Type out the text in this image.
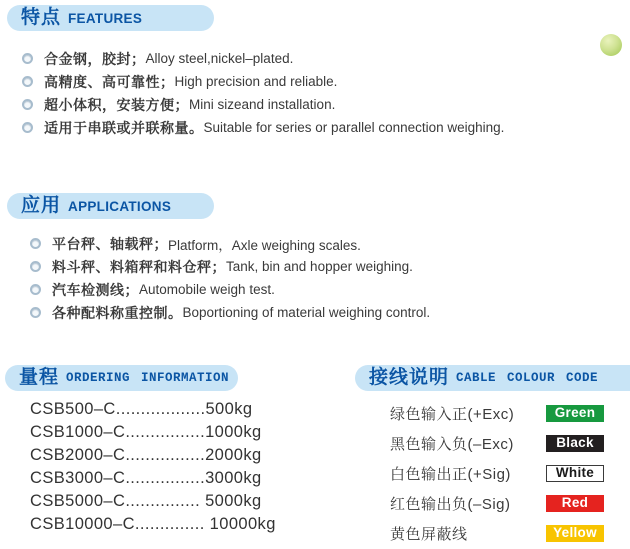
特点 FEATURES
合金钢，胶封； Alloy steel,nickel–plated.
高精度、高可靠性； High precision and reliable.
超小体积，安装方便； Mini sizeand installation.
适用于串联或并联称量。 Suitable for series or parallel connection weighing.
应用 APPLICATIONS
平台秤、轴载秤； Platform，Axle weighing scales.
料斗秤、料箱秤和料仓秤； Tank, bin and hopper weighing.
汽车检测线； Automobile weigh test.
各种配料称重控制。 Boportioning of material weighing control.
量程 ORDERING INFORMATION
CSB500–C..................500kg
CSB1000–C................1000kg
CSB2000–C................2000kg
CSB3000–C................3000kg
CSB5000–C............... 5000kg
CSB10000–C.............. 10000kg
接线说明 CABLE COLOUR CODE
绿色输入正(+Exc)	Green
黑色输入负(–Exc)	Black
白色输出正(+Sig)	White
红色输出负(–Sig)	Red
黄色屏蔽线	Yellow
